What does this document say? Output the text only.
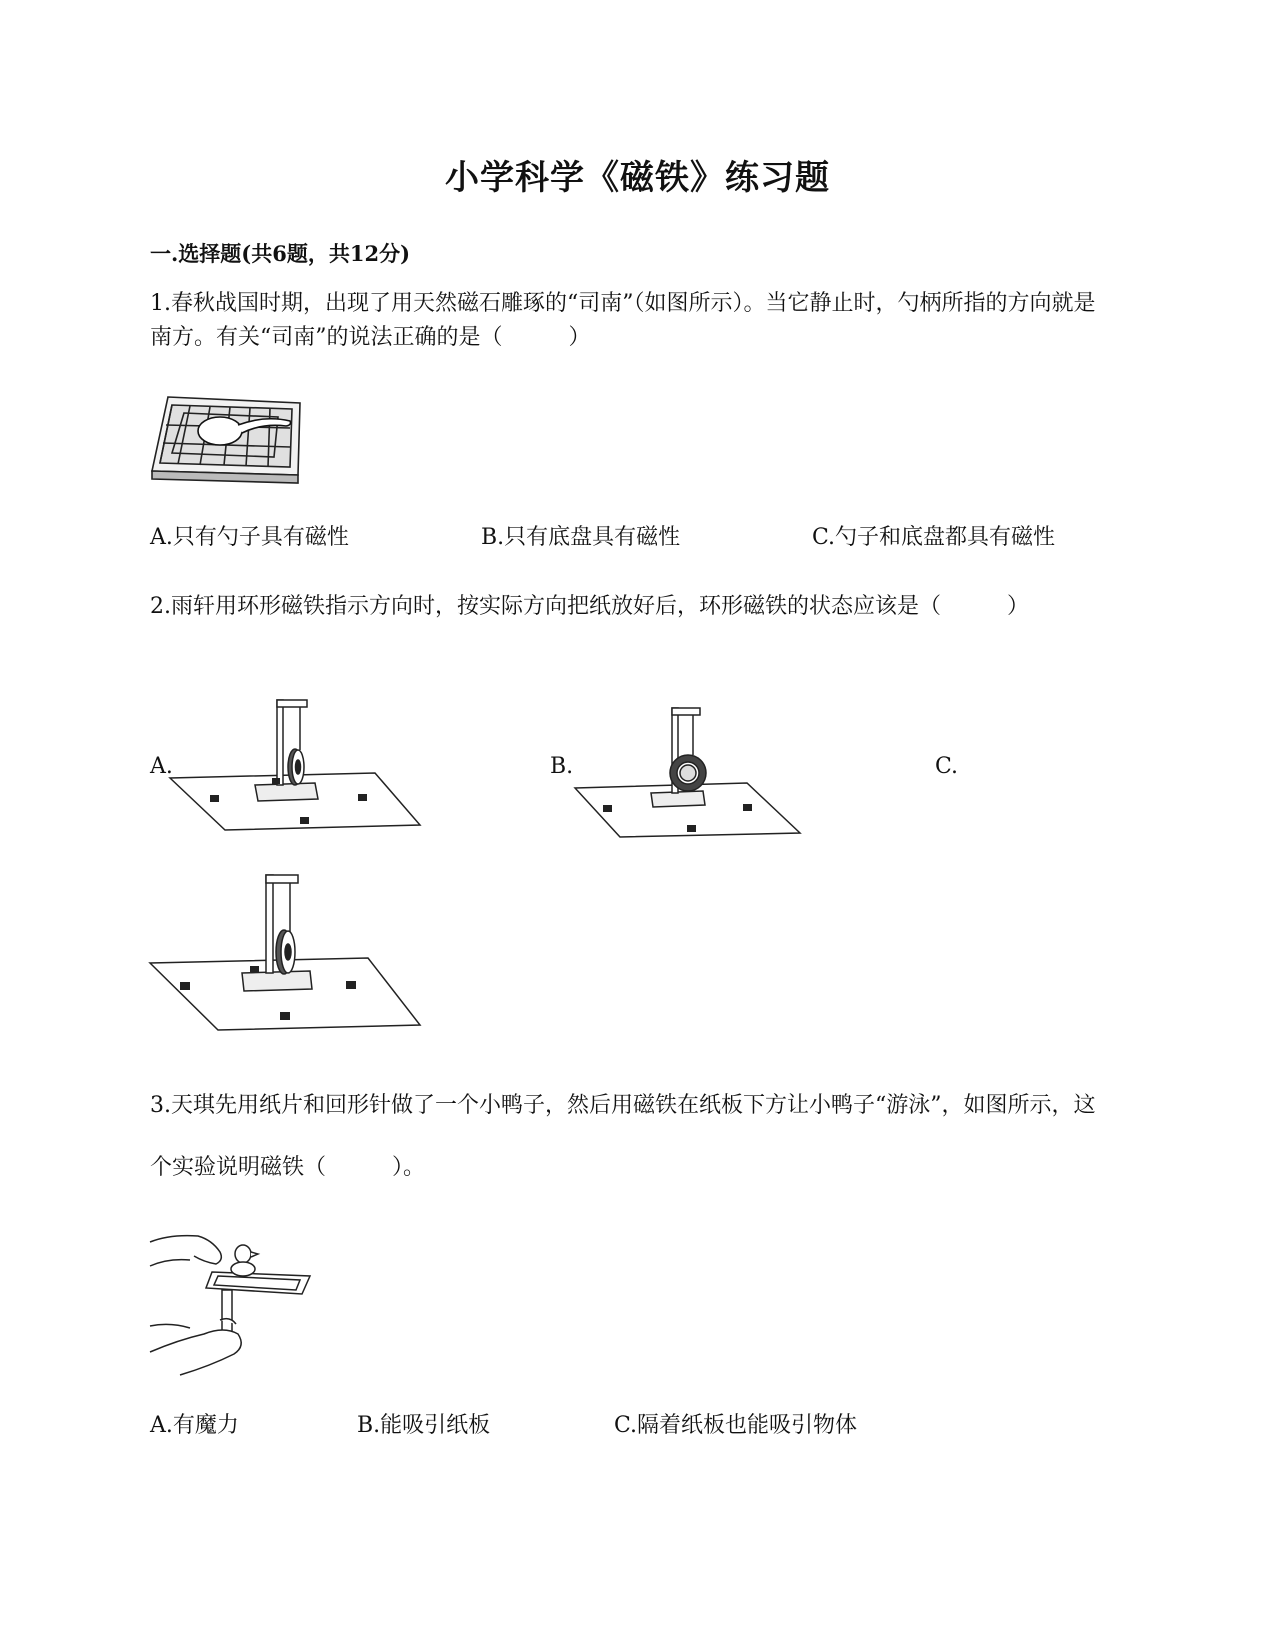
小学科学《磁铁》练习题
一.选择题(共6题，共12分)
1.春秋战国时期，出现了用天然磁石雕琢的“司南”（如图所示）。当它静止时，勺柄所指的方向就是南方。有关“司南”的说法正确的是（　　　）
A.只有勺子具有磁性	B.只有底盘具有磁性	C.勺子和底盘都具有磁性
2.雨轩用环形磁铁指示方向时，按实际方向把纸放好后，环形磁铁的状态应该是（　　　）
A.	B.	C.
3.天琪先用纸片和回形针做了一个小鸭子，然后用磁铁在纸板下方让小鸭子“游泳”，如图所示，这个实验说明磁铁（　　　）。
A.有魔力	B.能吸引纸板	C.隔着纸板也能吸引物体
